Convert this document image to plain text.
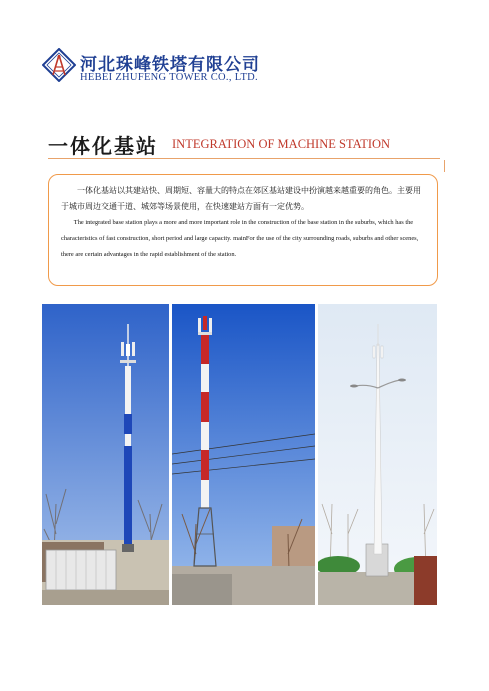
河北珠峰铁塔有限公司
HEBEI ZHUFENG TOWER CO., LTD.
一体化基站 INTEGRATION OF MACHINE STATION

一体化基站以其建站快、周期短、容量大的特点在郊区基站建设中扮演越来越重要的角色。主要用于城市周边交通干道、城郊等场景使用，在快速建站方面有一定优势。

The integrated base station plays a more and more important role in the construction of the base station in the suburbs, which has the characteristics of fast construction, short period and large capacity. mainFor the use of the city surrounding roads, suburbs and other scenes, there are certain advantages in the rapid establishment of the station.
